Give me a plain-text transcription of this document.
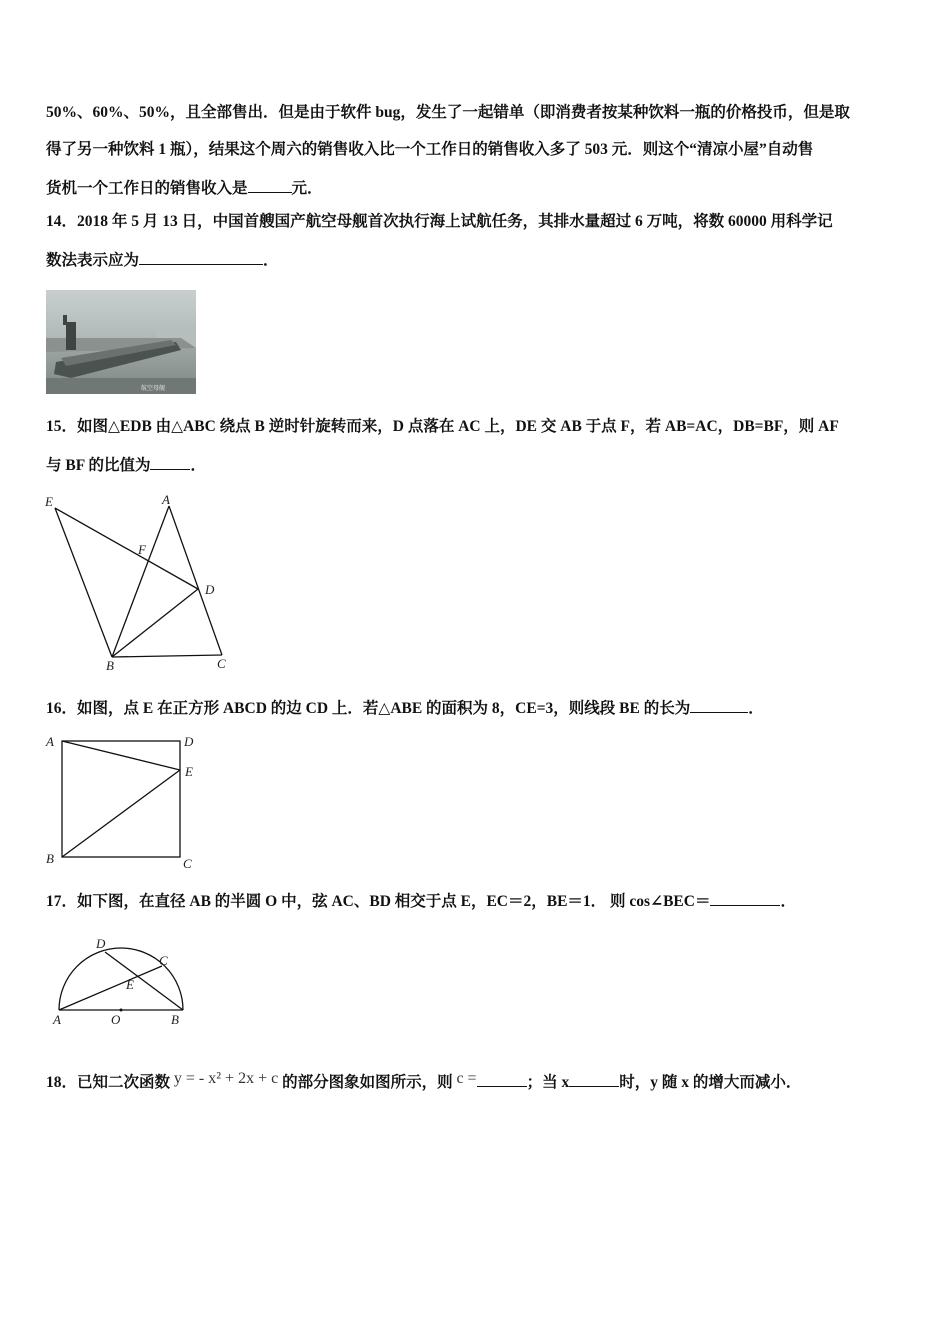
50%、60%、50%，且全部售出．但是由于软件 bug，发生了一起错单（即消费者按某种饮料一瓶的价格投币，但是取
得了另一种饮料 1 瓶），结果这个周六的销售收入比一个工作日的销售收入多了 503 元．则这个“清凉小屋”自动售
货机一个工作日的销售收入是	元．
14．2018 年 5 月 13 日，中国首艘国产航空母舰首次执行海上试航任务，其排水量超过 6 万吨，将数 60000 用科学记
数法表示应为	．
航空母舰
15．如图△EDB 由△ABC 绕点 B 逆时针旋转而来，D 点落在 AC 上，DE 交 AB 于点 F，若 AB=AC，DB=BF，则 AF
与 BF 的比值为	．
E	A
F
D
B	C
16．如图，点 E 在正方形 ABCD 的边 CD 上．若△ABE 的面积为 8，CE=3，则线段 BE 的长为	．
A	D
E
B	C
17．如下图，在直径 AB 的半圆 O 中，弦 AC、BD 相交于点 E，EC＝2，BE＝1． 则 cos∠BEC＝	．
D
C
E
A	O	B
18．已知二次函数 y = - x² + 2x + c 的部分图象如图所示，则 c =	；当 x	时，y 随 x 的增大而减小．
